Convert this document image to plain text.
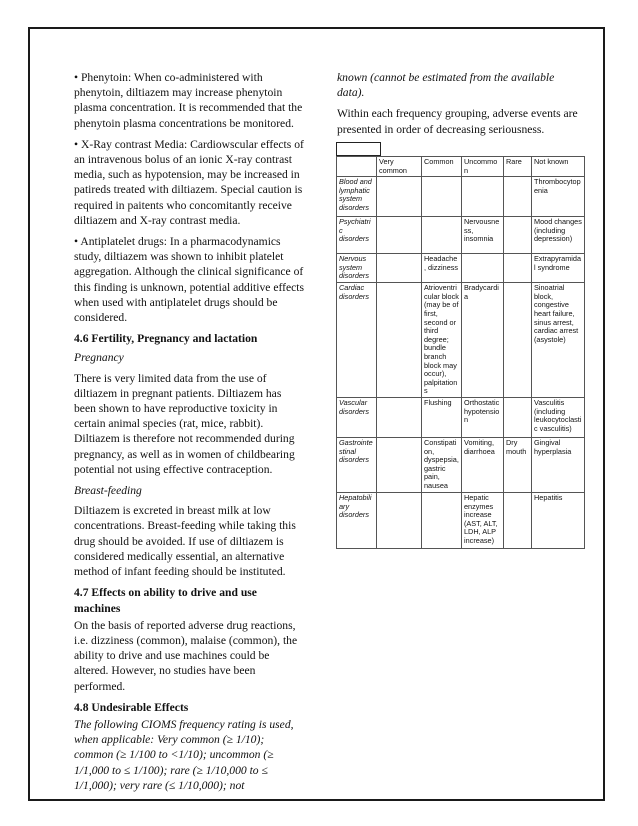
• Phenytoin: When co-administered with phenytoin, diltiazem may increase phenytoin plasma concentration. It is recommended that the phenytoin plasma concentrations be monitored.

• X-Ray contrast Media: Cardiowscular effects of an intravenous bolus of an ionic X-ray contrast media, such as hypotension, may be increased in patireds treated with diltiazem. Special caution is required in paitents who concomitantly receive diltiazem and X-ray contrast media.

• Antiplatelet drugs: In a pharmacodynamics study, diltiazem was shown to inhibit platelet aggregation. Although the clinical significance of this finding is unknown, potential additive effects when used with antiplatelet drugs should be considered.

4.6 Fertility, Pregnancy and lactation

Pregnancy

There is very limited data from the use of diltiazem in pregnant patients. Diltiazem has been shown to have reproductive toxicity in certain animal species (rat, mice, rabbit). Diltiazem is therefore not recommended during pregnancy, as well as in women of childbearing potential not using effective contraception.

Breast-feeding

Diltiazem is excreted in breast milk at low concentrations. Breast-feeding while taking this drug should be avoided. If use of diltiazem is considered medically essential, an alternative method of infant feeding should be instituted.

4.7 Effects on ability to drive and use machines

On the basis of reported adverse drug reactions, i.e. dizziness (common), malaise (common), the ability to drive and use machines could be altered. However, no studies have been performed.

4.8 Undesirable Effects

The following CIOMS frequency rating is used, when applicable: Very common (≥ 1/10); common (≥ 1/100 to <1/10); uncommon (≥ 1/1,000 to ≤ 1/100); rare (≥ 1/10,000 to ≤ 1/1,000); very rare (≤ 1/10,000); not

known (cannot be estimated from the available data).

Within each frequency grouping, adverse events are presented in order of decreasing seriousness.

	Very common	Common	Uncommon	Rare	Not known
Blood and lymphatic system disorders					Thrombocytopenia
Psychiatric disorders			Nervousness, insomnia		Mood changes (including depression)
Nervous system disorders		Headache, dizziness			Extrapyramidal syndrome
Cardiac disorders		Atrioventricular block (may be of first, second or third degree; bundle branch block may occur), palpitations	Bradycardia		Sinoatrial block, congestive heart failure, sinus arrest, cardiac arrest (asystole)
Vascular disorders		Flushing	Orthostatic hypotension		Vasculitis (including leukocytoclastic vasculitis)
Gastrointestinal disorders		Constipation, dyspepsia, gastric pain, nausea	Vomiting, diarrhoea	Dry mouth	Gingival hyperplasia
Hepatobiliary disorders			Hepatic enzymes increase (AST, ALT, LDH, ALP increase)		Hepatitis
